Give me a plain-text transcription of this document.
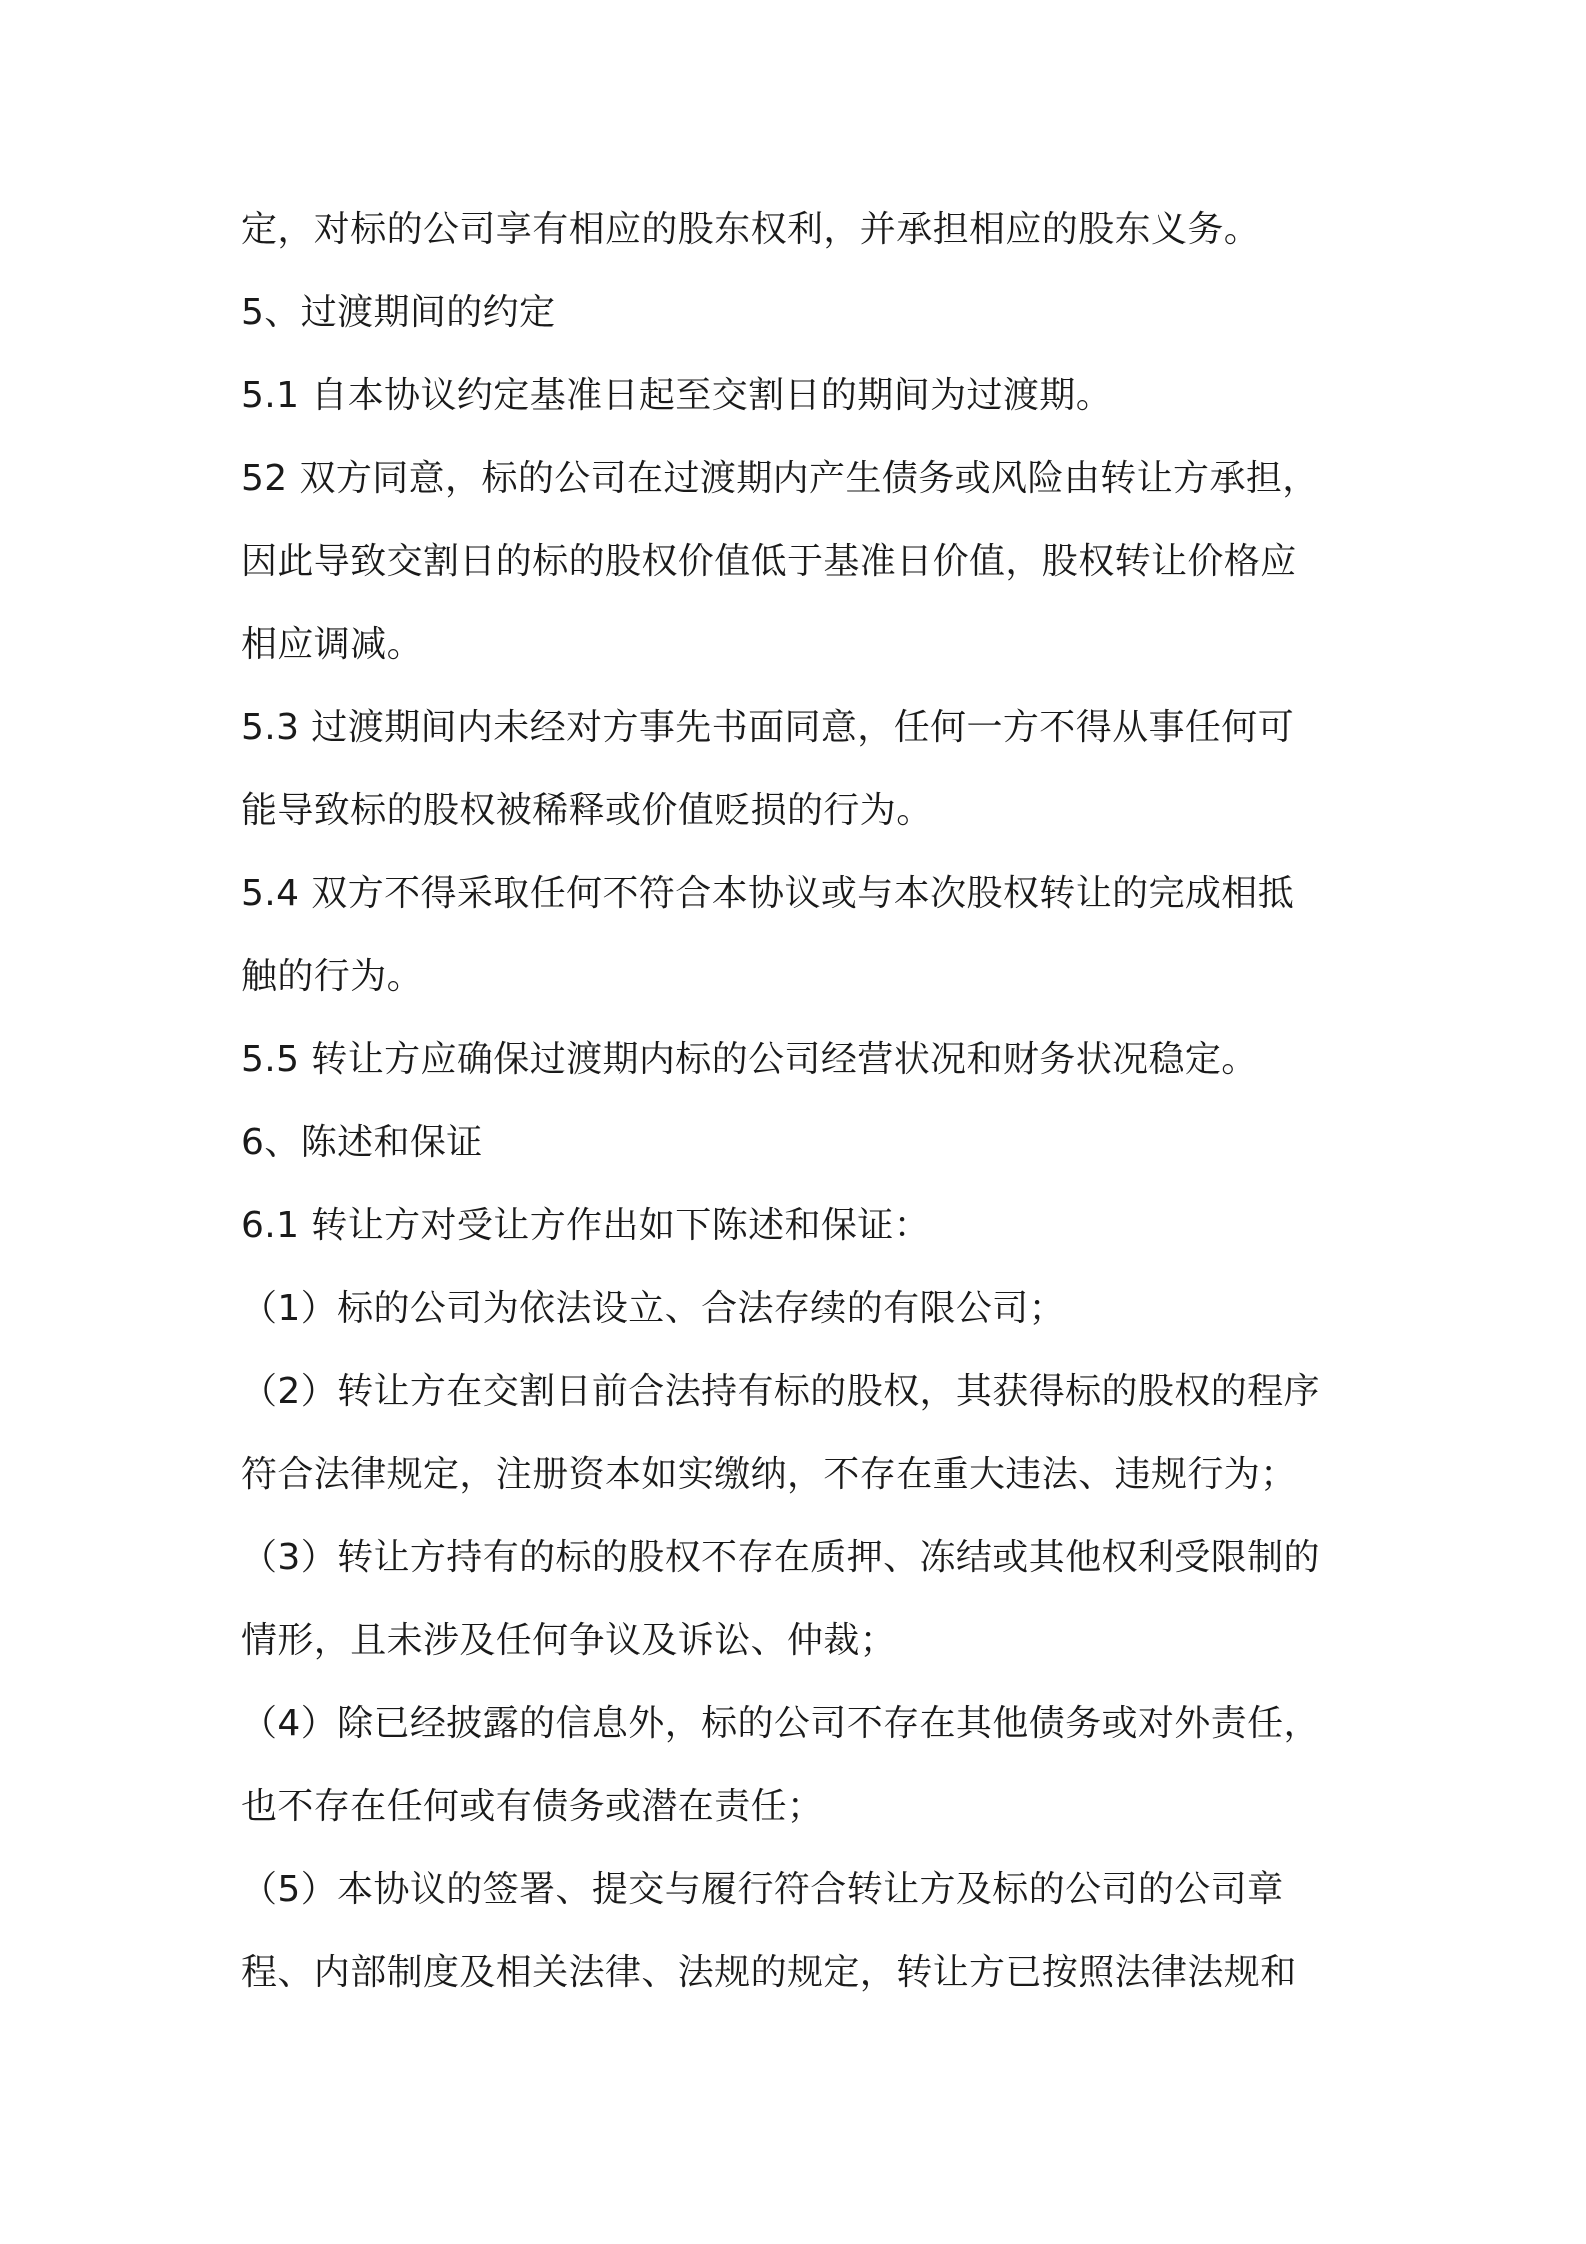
定，对标的公司享有相应的股东权利，并承担相应的股东义务。

5、过渡期间的约定

5.1 自本协议约定基准日起至交割日的期间为过渡期。

52 双方同意，标的公司在过渡期内产生债务或风险由转让方承担，

因此导致交割日的标的股权价值低于基准日价值，股权转让价格应

相应调减。

5.3 过渡期间内未经对方事先书面同意，任何一方不得从事任何可

能导致标的股权被稀释或价值贬损的行为。

5.4 双方不得采取任何不符合本协议或与本次股权转让的完成相抵

触的行为。

5.5 转让方应确保过渡期内标的公司经营状况和财务状况稳定。

6、陈述和保证

6.1 转让方对受让方作出如下陈述和保证：

（1）标的公司为依法设立、合法存续的有限公司；

（2）转让方在交割日前合法持有标的股权，其获得标的股权的程序

符合法律规定，注册资本如实缴纳，不存在重大违法、违规行为；

（3）转让方持有的标的股权不存在质押、冻结或其他权利受限制的

情形，且未涉及任何争议及诉讼、仲裁；

（4）除已经披露的信息外，标的公司不存在其他债务或对外责任，

也不存在任何或有债务或潜在责任；

（5）本协议的签署、提交与履行符合转让方及标的公司的公司章

程、内部制度及相关法律、法规的规定，转让方已按照法律法规和
